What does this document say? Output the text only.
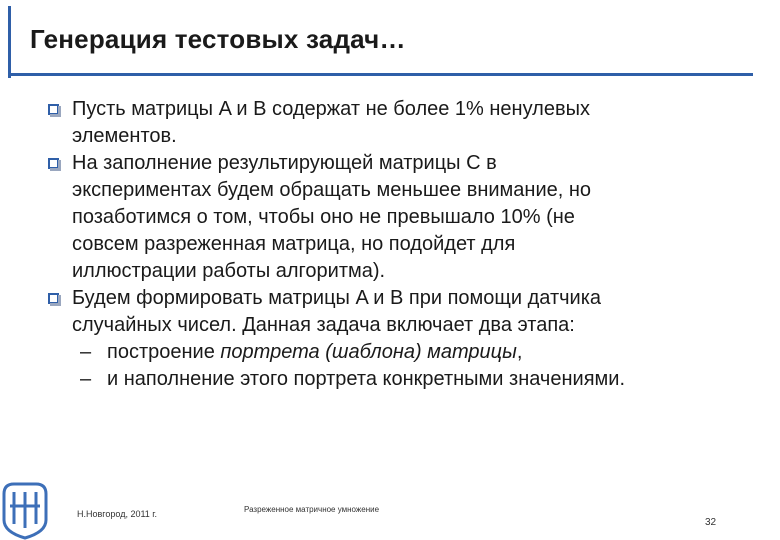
Генерация тестовых задач…
Пусть матрицы A и B содержат не более 1% ненулевых
элементов.
На заполнение результирующей матрицы C в
экспериментах будем обращать меньшее внимание, но
позаботимся о том, чтобы оно не превышало 10% (не
совсем разреженная матрица, но подойдет для
иллюстрации работы алгоритма).
Будем формировать матрицы A и B при помощи датчика
случайных чисел. Данная задача включает два этапа:
– построение портрета (шаблона) матрицы,
– и наполнение этого портрета конкретными значениями.
Н.Новгород, 2011 г.	Разреженное матричное умножение
32
